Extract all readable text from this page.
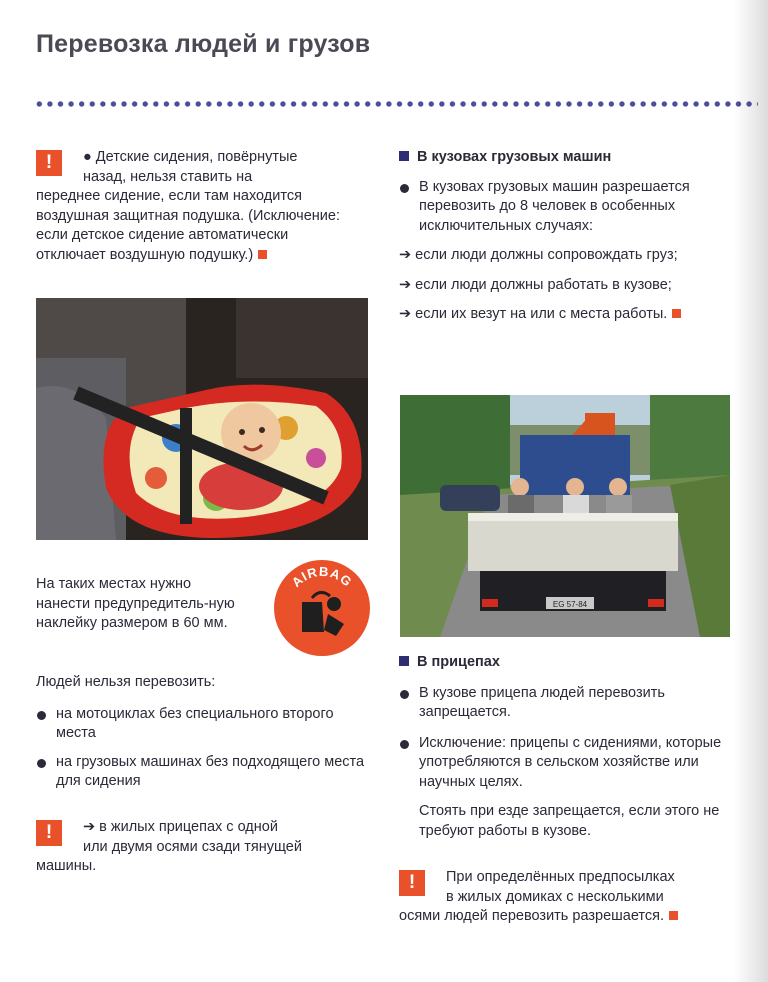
Перевозка людей и грузов
!	● Детские сидения, повёрнутые

назад, нельзя ставить на

переднее сидение, если там находится воздушная защитная подушка. (Исключение: если детское сидение автоматически отключает воздушную подушку.)

На таких местах нужно нанести предупредитель-ную наклейку размером в 60 мм.

AIRBAG

Людей нельзя перевозить:

на мотоциклах без специального второго места

на грузовых машинах без подходящего места для сидения

!	➔ в жилых прицепах с одной

или двумя осями сзади тянущей

машины.

В кузовах грузовых машин

В кузовах грузовых машин разрешается перевозить до 8 человек в особенных исключительных случаях:

➔ если люди должны сопровождать груз;

➔ если люди должны работать в кузове;

➔ если их везут на или с места работы.

EG 57-84

В прицепах

В кузове прицепа людей перевозить запрещается.

Исключение: прицепы с сидениями, которые употребляются в сельском хозяйстве или научных целях.

Стоять при езде запрещается, если этого не требуют работы в кузове.

!	При определённых предпосылках

в жилых домиках с несколькими

осями людей перевозить разрешается.
